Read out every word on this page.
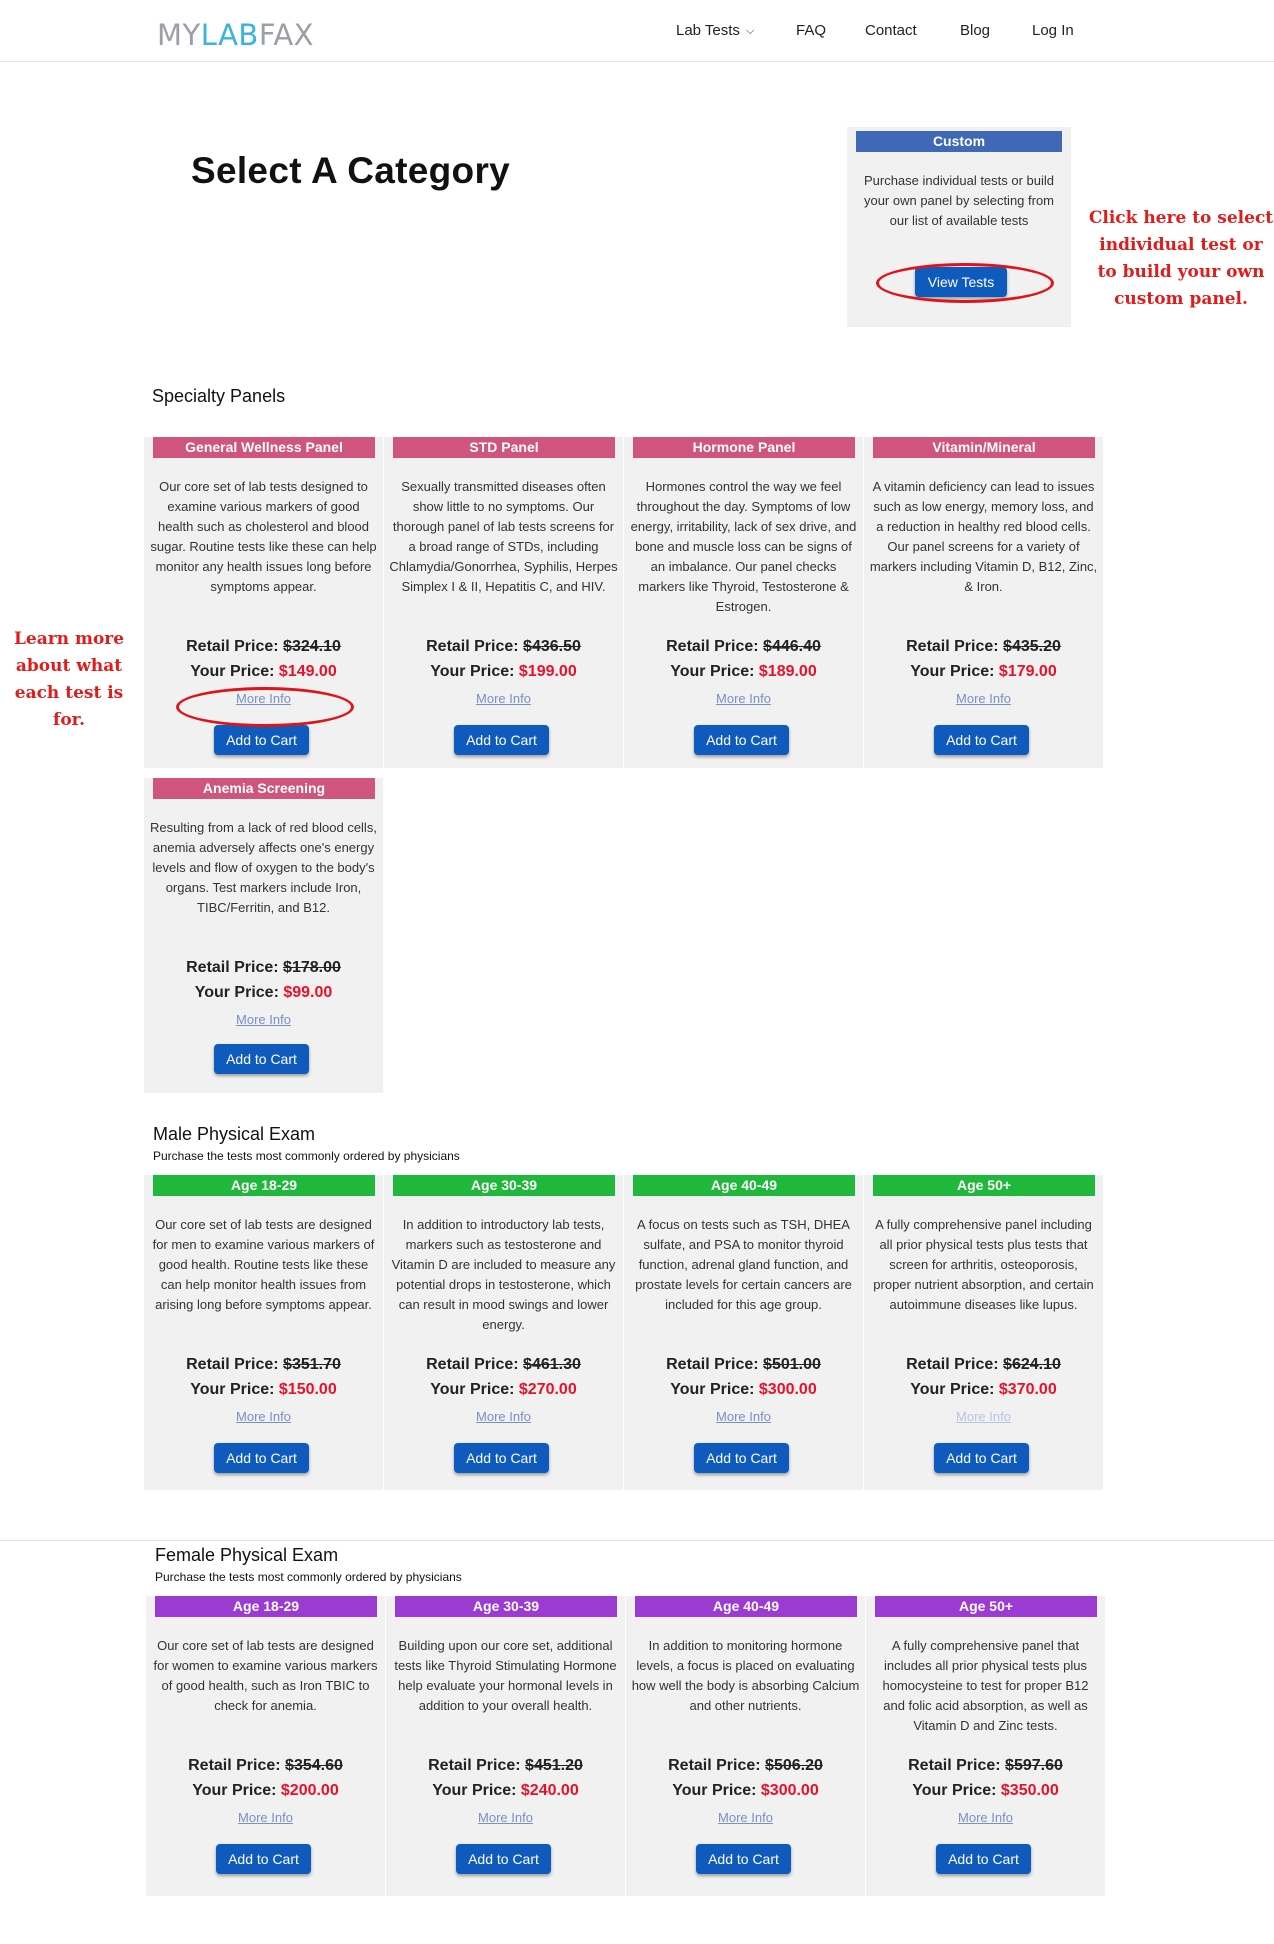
MYLABFAX	Lab Tests ⌵	FAQ	Contact	Blog	Log In
Select A Category
Custom
Purchase individual tests or build your own panel by selecting from our list of available tests
View Tests
Click here to select individual test or to build your own custom panel.
Learn more about what each test is for.
Specialty Panels
General Wellness Panel
Our core set of lab tests designed to examine various markers of good health such as cholesterol and blood sugar. Routine tests like these can help monitor any health issues long before symptoms appear.
Retail Price: $324.10
Your Price: $149.00
More Info
Add to Cart
STD Panel
Sexually transmitted diseases often show little to no symptoms. Our thorough panel of lab tests screens for a broad range of STDs, including Chlamydia/Gonorrhea, Syphilis, Herpes Simplex I & II, Hepatitis C, and HIV.
Retail Price: $436.50
Your Price: $199.00
More Info
Add to Cart
Hormone Panel
Hormones control the way we feel throughout the day. Symptoms of low energy, irritability, lack of sex drive, and bone and muscle loss can be signs of an imbalance. Our panel checks markers like Thyroid, Testosterone & Estrogen.
Retail Price: $446.40
Your Price: $189.00
More Info
Add to Cart
Vitamin/Mineral
A vitamin deficiency can lead to issues such as low energy, memory loss, and a reduction in healthy red blood cells. Our panel screens for a variety of markers including Vitamin D, B12, Zinc, & Iron.
Retail Price: $435.20
Your Price: $179.00
More Info
Add to Cart
Anemia Screening
Resulting from a lack of red blood cells, anemia adversely affects one's energy levels and flow of oxygen to the body's organs. Test markers include Iron, TIBC/Ferritin, and B12.
Retail Price: $178.00
Your Price: $99.00
More Info
Add to Cart
Male Physical Exam
Purchase the tests most commonly ordered by physicians
Age 18-29
Our core set of lab tests are designed for men to examine various markers of good health. Routine tests like these can help monitor health issues from arising long before symptoms appear.
Retail Price: $351.70
Your Price: $150.00
More Info
Add to Cart
Age 30-39
In addition to introductory lab tests, markers such as testosterone and Vitamin D are included to measure any potential drops in testosterone, which can result in mood swings and lower energy.
Retail Price: $461.30
Your Price: $270.00
More Info
Add to Cart
Age 40-49
A focus on tests such as TSH, DHEA sulfate, and PSA to monitor thyroid function, adrenal gland function, and prostate levels for certain cancers are included for this age group.
Retail Price: $501.00
Your Price: $300.00
More Info
Add to Cart
Age 50+
A fully comprehensive panel including all prior physical tests plus tests that screen for arthritis, osteoporosis, proper nutrient absorption, and certain autoimmune diseases like lupus.
Retail Price: $624.10
Your Price: $370.00
More Info
Add to Cart
Female Physical Exam
Purchase the tests most commonly ordered by physicians
Age 18-29
Our core set of lab tests are designed for women to examine various markers of good health, such as Iron TBIC to check for anemia.
Retail Price: $354.60
Your Price: $200.00
More Info
Add to Cart
Age 30-39
Building upon our core set, additional tests like Thyroid Stimulating Hormone help evaluate your hormonal levels in addition to your overall health.
Retail Price: $451.20
Your Price: $240.00
More Info
Add to Cart
Age 40-49
In addition to monitoring hormone levels, a focus is placed on evaluating how well the body is absorbing Calcium and other nutrients.
Retail Price: $506.20
Your Price: $300.00
More Info
Add to Cart
Age 50+
A fully comprehensive panel that includes all prior physical tests plus homocysteine to test for proper B12 and folic acid absorption, as well as Vitamin D and Zinc tests.
Retail Price: $597.60
Your Price: $350.00
More Info
Add to Cart
